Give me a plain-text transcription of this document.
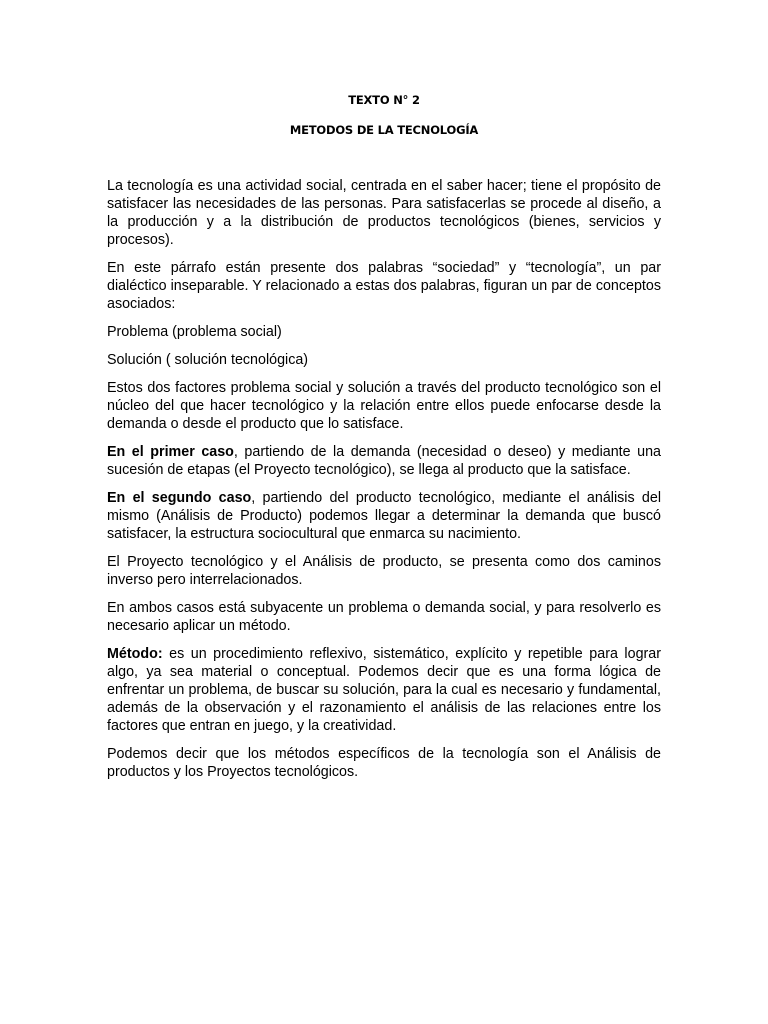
TEXTO N° 2
METODOS DE LA TECNOLOGÍA

La tecnología es una actividad social, centrada en el saber hacer; tiene el propósito de satisfacer las necesidades de las personas. Para satisfacerlas se procede al diseño, a la producción y a la distribución de productos tecnológicos (bienes, servicios y procesos).

En este párrafo están presente dos palabras “sociedad” y “tecnología”, un par dialéctico inseparable. Y relacionado a estas dos palabras, figuran un par de conceptos asociados:

Problema (problema social)

Solución ( solución tecnológica)

Estos dos factores problema social y solución a través del producto tecnológico son el núcleo del que hacer tecnológico y la relación entre ellos puede enfocarse desde la demanda o desde el producto que lo satisface.

En el primer caso, partiendo de la demanda (necesidad o deseo) y mediante una sucesión de etapas (el Proyecto tecnológico), se llega al producto que la satisface.

En el segundo caso, partiendo del producto tecnológico, mediante el análisis del mismo (Análisis de Producto) podemos llegar a determinar la demanda que buscó satisfacer, la estructura sociocultural que enmarca su nacimiento.

El Proyecto tecnológico y el Análisis de producto, se presenta como dos caminos inverso pero interrelacionados.

En ambos casos está subyacente un problema o demanda social, y para resolverlo es necesario aplicar un método.

Método: es un procedimiento reflexivo, sistemático, explícito y repetible para lograr algo, ya sea material o conceptual. Podemos decir que es una forma lógica de enfrentar un problema, de buscar su solución, para la cual es necesario y fundamental, además de la observación y el razonamiento el análisis de las relaciones entre los factores que entran en juego, y la creatividad.

Podemos decir que los métodos específicos de la tecnología son el Análisis de productos y los Proyectos tecnológicos.
